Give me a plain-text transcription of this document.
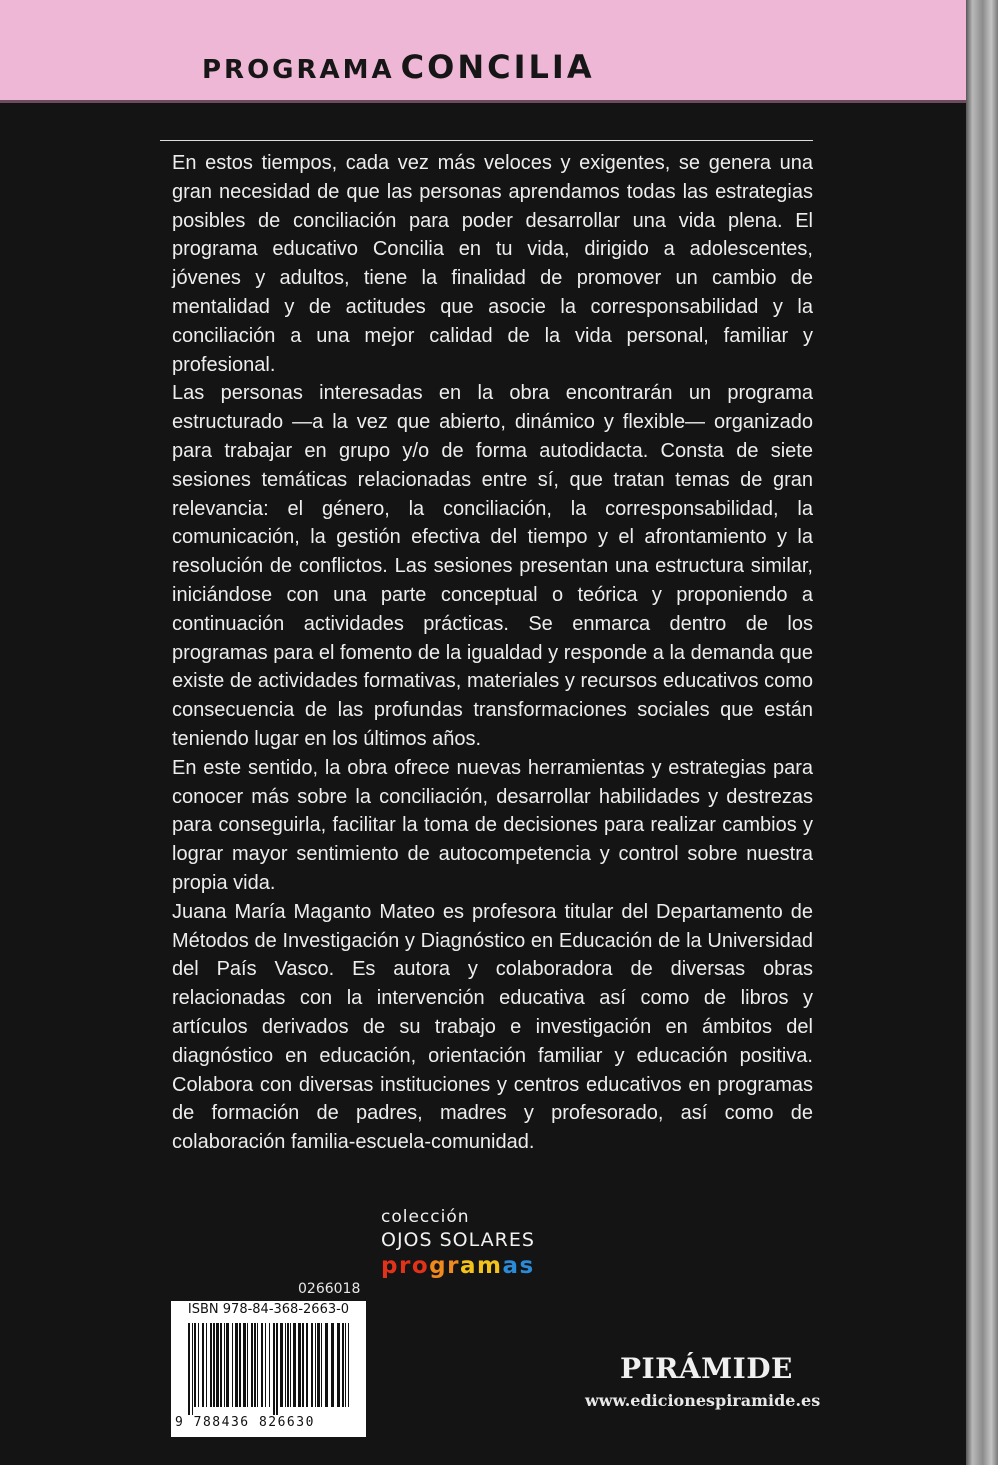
PROGRAMA CONCILIA

En estos tiempos, cada vez más veloces y exigentes, se genera una gran necesidad de que las personas aprendamos todas las estrategias posibles de conciliación para poder desarrollar una vida plena. El programa educativo Concilia en tu vida, dirigido a adolescentes, jóvenes y adultos, tiene la finalidad de promover un cambio de mentalidad y de actitudes que asocie la corresponsabilidad y la conciliación a una mejor calidad de la vida personal, familiar y profesional.

Las personas interesadas en la obra encontrarán un programa estructurado —a la vez que abierto, dinámico y flexible— organizado para trabajar en grupo y/o de forma autodidacta. Consta de siete sesiones temáticas relacionadas entre sí, que tratan temas de gran relevancia: el género, la conciliación, la corresponsabilidad, la comunicación, la gestión efectiva del tiempo y el afrontamiento y la resolución de conflictos. Las sesiones presentan una estructura similar, iniciándose con una parte conceptual o teórica y proponiendo a continuación actividades prácticas. Se enmarca dentro de los programas para el fomento de la igualdad y responde a la demanda que existe de actividades formativas, materiales y recursos educativos como consecuencia de las profundas transformaciones sociales que están teniendo lugar en los últimos años.

En este sentido, la obra ofrece nuevas herramientas y estrategias para conocer más sobre la conciliación, desarrollar habilidades y destrezas para conseguirla, facilitar la toma de decisiones para realizar cambios y lograr mayor sentimiento de autocompetencia y control sobre nuestra propia vida.

Juana María Maganto Mateo es profesora titular del Departamento de Métodos de Investigación y Diagnóstico en Educación de la Universidad del País Vasco. Es autora y colaboradora de diversas obras relacionadas con la intervención educativa así como de libros y artículos derivados de su trabajo e investigación en ámbitos del diagnóstico en educación, orientación familiar y educación positiva. Colabora con diversas instituciones y centros educativos en programas de formación de padres, madres y profesorado, así como de colaboración familia-escuela-comunidad.

colección
OJOS SOLARES
programas
0266018
ISBN 978-84-368-2663-0
9 788436 826630
PIRÁMIDE
www.edicionespiramide.es
